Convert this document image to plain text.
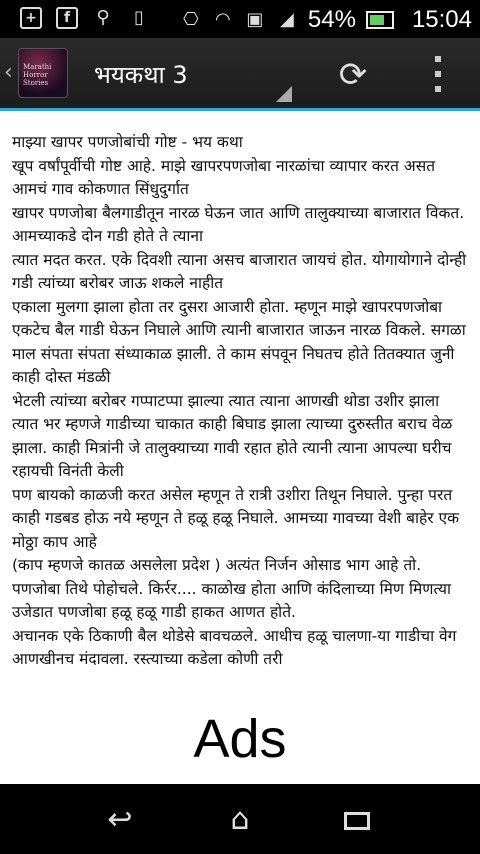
+	f	⚲	▯	⎔ ◠ ▣ ◢ 54% 15:04
‹ Marathi Horror Stories	भयकथा 3	⟳
माझ्या खापर पणजोबांची गोष्ट - भय कथा
खूप वर्षांपूर्वीची गोष्ट आहे. माझे खापरपणजोबा नारळांचा व्यापार करत असत आमचं गाव कोकणात सिंधुदुर्गात
खापर पणजोबा बैलगाडीतून नारळ घेऊन जात आणि तालुक्याच्या बाजारात विकत. आमच्याकडे दोन गडी होते ते त्याना
त्यात मदत करत. एके दिवशी त्याना असच बाजारात जायचं होत. योगायोगाने दोन्ही गडी त्यांच्या बरोबर जाऊ शकले नाहीत
एकाला मुलगा झाला होता तर दुसरा आजारी होता. म्हणून माझे खापरपणजोबा एकटेच बैल गाडी घेऊन निघाले आणि त्यानी बाजारात जाऊन नारळ विकले. सगळा माल संपता संपता संध्याकाळ झाली. ते काम संपवून निघतच होते तितक्यात जुनी काही दोस्त मंडळी
भेटली त्यांच्या बरोबर गप्पाटप्पा झाल्या त्यात त्याना आणखी थोडा उशीर झाला त्यात भर म्हणजे गाडीच्या चाकात काही बिघाड झाला त्याच्या दुरुस्तीत बराच वेळ झाला. काही मित्रांनी जे तालुक्याच्या गावी रहात होते त्यानी त्याना आपल्या घरीच रहायची विनंती केली
पण बायको काळजी करत असेल म्हणून ते रात्री उशीरा तिथून निघाले. पुन्हा परत काही गडबड होऊ नये म्हणून ते हळू हळू निघाले. आमच्या गावच्या वेशी बाहेर एक मोठ्ठा काप आहे
(काप म्हणजे कातळ असलेला प्रदेश ) अत्यंत निर्जन ओसाड भाग आहे तो. पणजोबा तिथे पोहोचले. किर्रर.... काळोख होता आणि कंदिलाच्या मिण मिणत्या उजेडात पणजोबा हळू हळू गाडी हाकत आणत होते.
अचानक एके ठिकाणी बैल थोडेसे बावचळले. आधीच हळू चालणा-या गाडीचा वेग आणखीनच मंदावला. रस्त्याच्या कडेला कोणी तरी
Ads
↩	⌂
